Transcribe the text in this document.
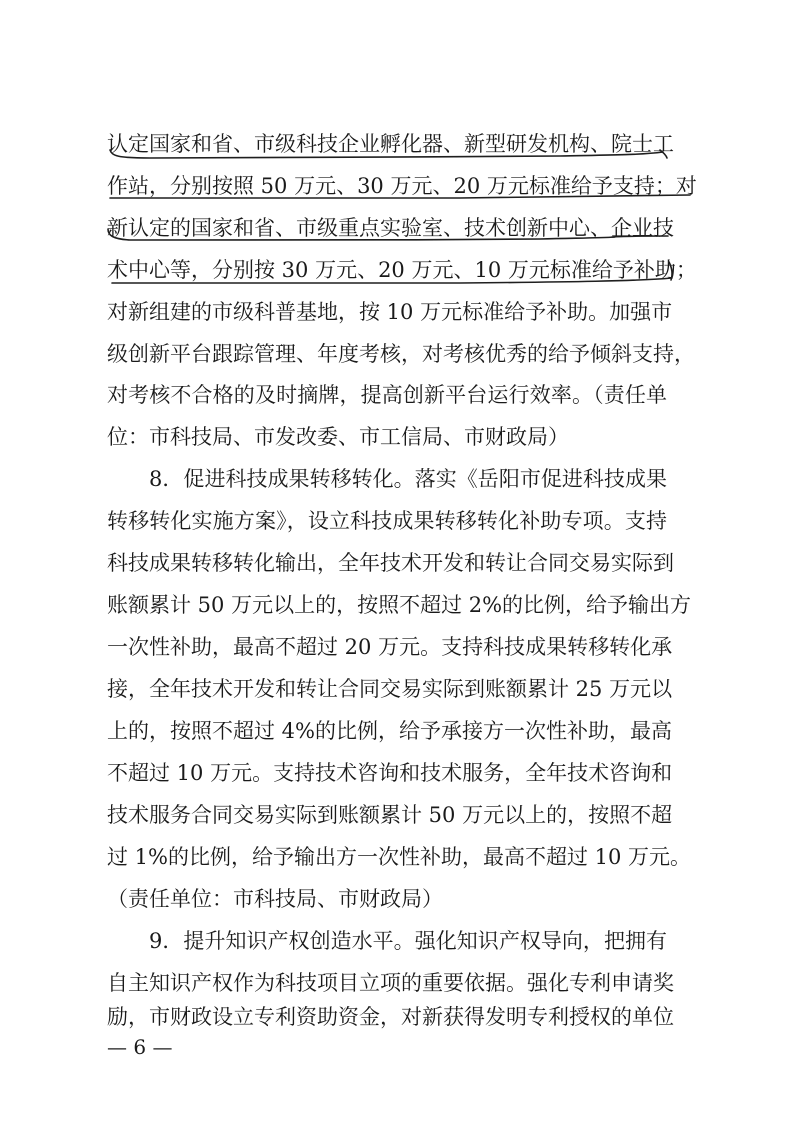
认定国家和省、市级科技企业孵化器、新型研发机构、院士工
作站，分别按照 50 万元、30 万元、20 万元标准给予支持；对
新认定的国家和省、市级重点实验室、技术创新中心、企业技
术中心等，分别按 30 万元、20 万元、10 万元标准给予补助；
对新组建的市级科普基地，按 10 万元标准给予补助。加强市
级创新平台跟踪管理、年度考核，对考核优秀的给予倾斜支持，
对考核不合格的及时摘牌，提高创新平台运行效率。（责任单
位：市科技局、市发改委、市工信局、市财政局）
8．促进科技成果转移转化。落实《岳阳市促进科技成果
转移转化实施方案》，设立科技成果转移转化补助专项。支持
科技成果转移转化输出，全年技术开发和转让合同交易实际到
账额累计 50 万元以上的，按照不超过 2%的比例，给予输出方
一次性补助，最高不超过 20 万元。支持科技成果转移转化承
接，全年技术开发和转让合同交易实际到账额累计 25 万元以
上的，按照不超过 4%的比例，给予承接方一次性补助，最高
不超过 10 万元。支持技术咨询和技术服务，全年技术咨询和
技术服务合同交易实际到账额累计 50 万元以上的，按照不超
过 1%的比例，给予输出方一次性补助，最高不超过 10 万元。
（责任单位：市科技局、市财政局）
9．提升知识产权创造水平。强化知识产权导向，把拥有
自主知识产权作为科技项目立项的重要依据。强化专利申请奖
励，市财政设立专利资助资金，对新获得发明专利授权的单位
— 6 —
